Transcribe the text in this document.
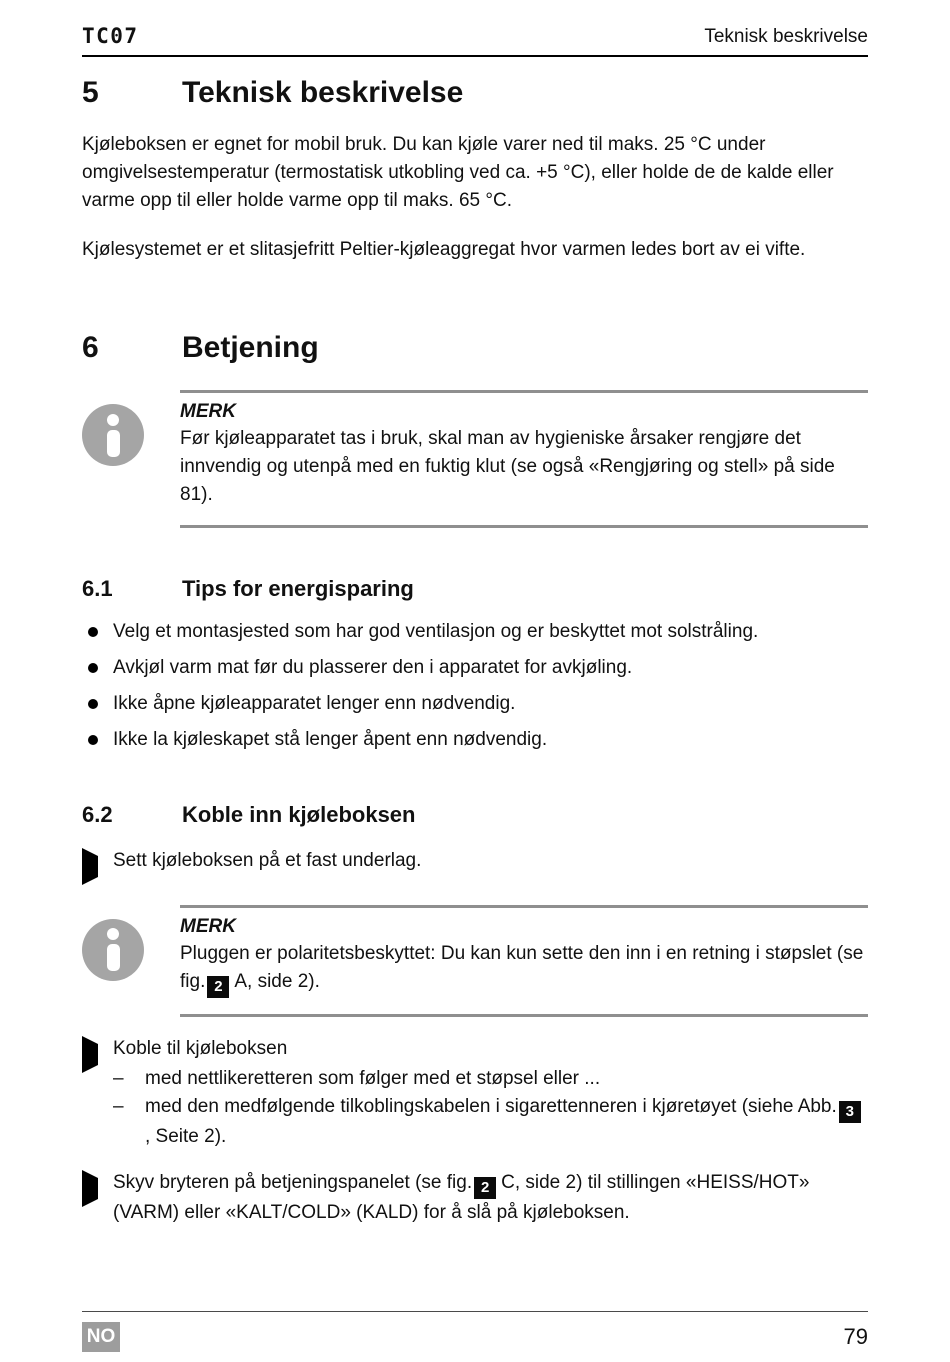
TC07	Teknisk beskrivelse
5	Teknisk beskrivelse

Kjøleboksen er egnet for mobil bruk. Du kan kjøle varer ned til maks. 25 °C under omgivelsestemperatur (termostatisk utkobling ved ca. +5 °C), eller holde de de kalde eller varme opp til eller holde varme opp til maks. 65 °C.

Kjølesystemet er et slitasjefritt Peltier-kjøleaggregat hvor varmen ledes bort av ei vifte.

6	Betjening
MERK
Før kjøleapparatet tas i bruk, skal man av hygieniske årsaker rengjøre det innvendig og utenpå med en fuktig klut (se også «Rengjøring og stell» på side 81).
6.1	Tips for energisparing
Velg et montasjested som har god ventilasjon og er beskyttet mot solstråling.
Avkjøl varm mat før du plasserer den i apparatet for avkjøling.
Ikke åpne kjøleapparatet lenger enn nødvendig.
Ikke la kjøleskapet stå lenger åpent enn nødvendig.
6.2	Koble inn kjøleboksen
Sett kjøleboksen på et fast underlag.
MERK
Pluggen er polaritetsbeskyttet: Du kan kun sette den inn i en retning i støpslet (se fig. 2 A, side 2).
Koble til kjøleboksen
–	med nettlikeretteren som følger med et støpsel eller ...
–	med den medfølgende tilkoblingskabelen i sigarettenneren i kjøretøyet (siehe Abb. 3, Seite 2).
Skyv bryteren på betjeningspanelet (se fig. 2 C, side 2) til stillingen «HEISS/HOT» (VARM) eller «KALT/COLD» (KALD) for å slå på kjøleboksen.
NO	79
